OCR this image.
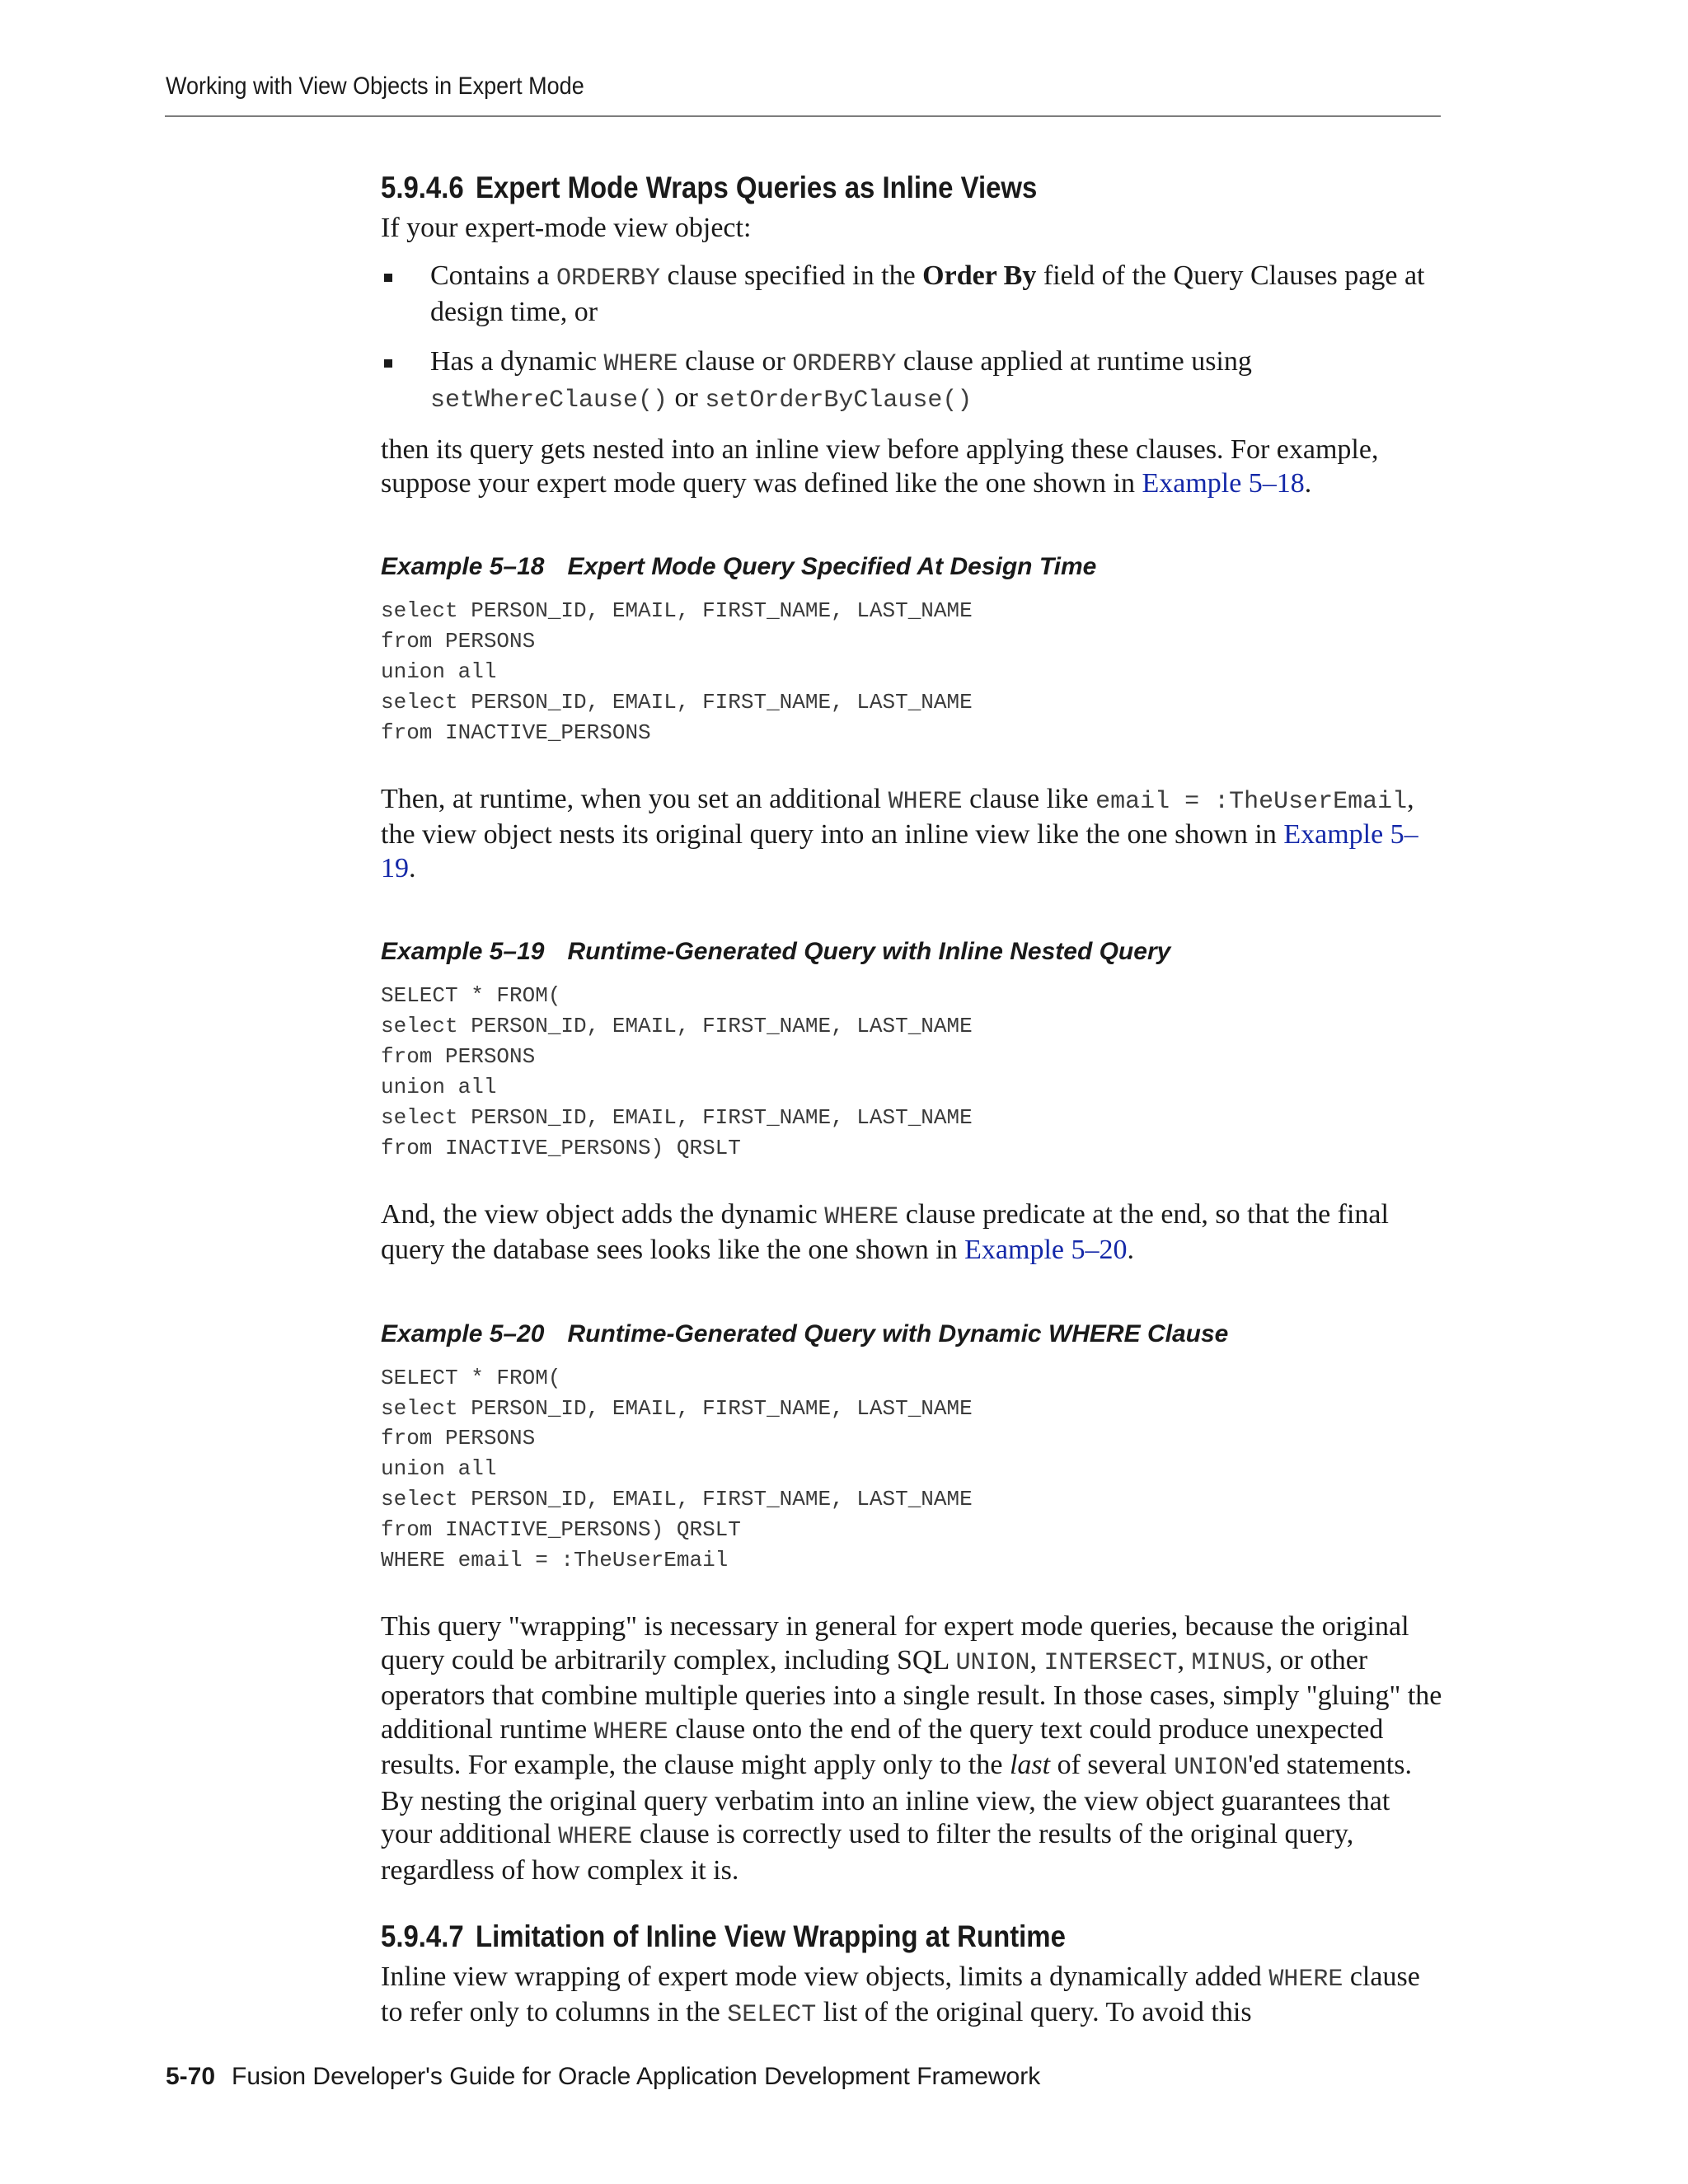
Working with View Objects in Expert Mode
5.9.4.6 Expert Mode Wraps Queries as Inline Views

If your expert-mode view object:

Contains a ORDERBY clause specified in the Order By field of the Query Clauses page at design time, or
Has a dynamic WHERE clause or ORDERBY clause applied at runtime using setWhereClause() or setOrderByClause()

then its query gets nested into an inline view before applying these clauses. For example, suppose your expert mode query was defined like the one shown in Example 5–18.

Example 5–18 Expert Mode Query Specified At Design Time
select PERSON_ID, EMAIL, FIRST_NAME, LAST_NAME
from PERSONS
union all
select PERSON_ID, EMAIL, FIRST_NAME, LAST_NAME
from INACTIVE_PERSONS

Then, at runtime, when you set an additional WHERE clause like email = :TheUserEmail, the view object nests its original query into an inline view like the one shown in Example 5–19.

Example 5–19 Runtime-Generated Query with Inline Nested Query
SELECT * FROM(
select PERSON_ID, EMAIL, FIRST_NAME, LAST_NAME
from PERSONS
union all
select PERSON_ID, EMAIL, FIRST_NAME, LAST_NAME
from INACTIVE_PERSONS) QRSLT

And, the view object adds the dynamic WHERE clause predicate at the end, so that the final query the database sees looks like the one shown in Example 5–20.

Example 5–20 Runtime-Generated Query with Dynamic WHERE Clause
SELECT * FROM(
select PERSON_ID, EMAIL, FIRST_NAME, LAST_NAME
from PERSONS
union all
select PERSON_ID, EMAIL, FIRST_NAME, LAST_NAME
from INACTIVE_PERSONS) QRSLT
WHERE email = :TheUserEmail

This query "wrapping" is necessary in general for expert mode queries, because the original query could be arbitrarily complex, including SQL UNION, INTERSECT, MINUS, or other operators that combine multiple queries into a single result. In those cases, simply "gluing" the additional runtime WHERE clause onto the end of the query text could produce unexpected results. For example, the clause might apply only to the last of several UNION'ed statements. By nesting the original query verbatim into an inline view, the view object guarantees that your additional WHERE clause is correctly used to filter the results of the original query, regardless of how complex it is.

5.9.4.7 Limitation of Inline View Wrapping at Runtime

Inline view wrapping of expert mode view objects, limits a dynamically added WHERE clause to refer only to columns in the SELECT list of the original query. To avoid this

5-70 Fusion Developer's Guide for Oracle Application Development Framework
